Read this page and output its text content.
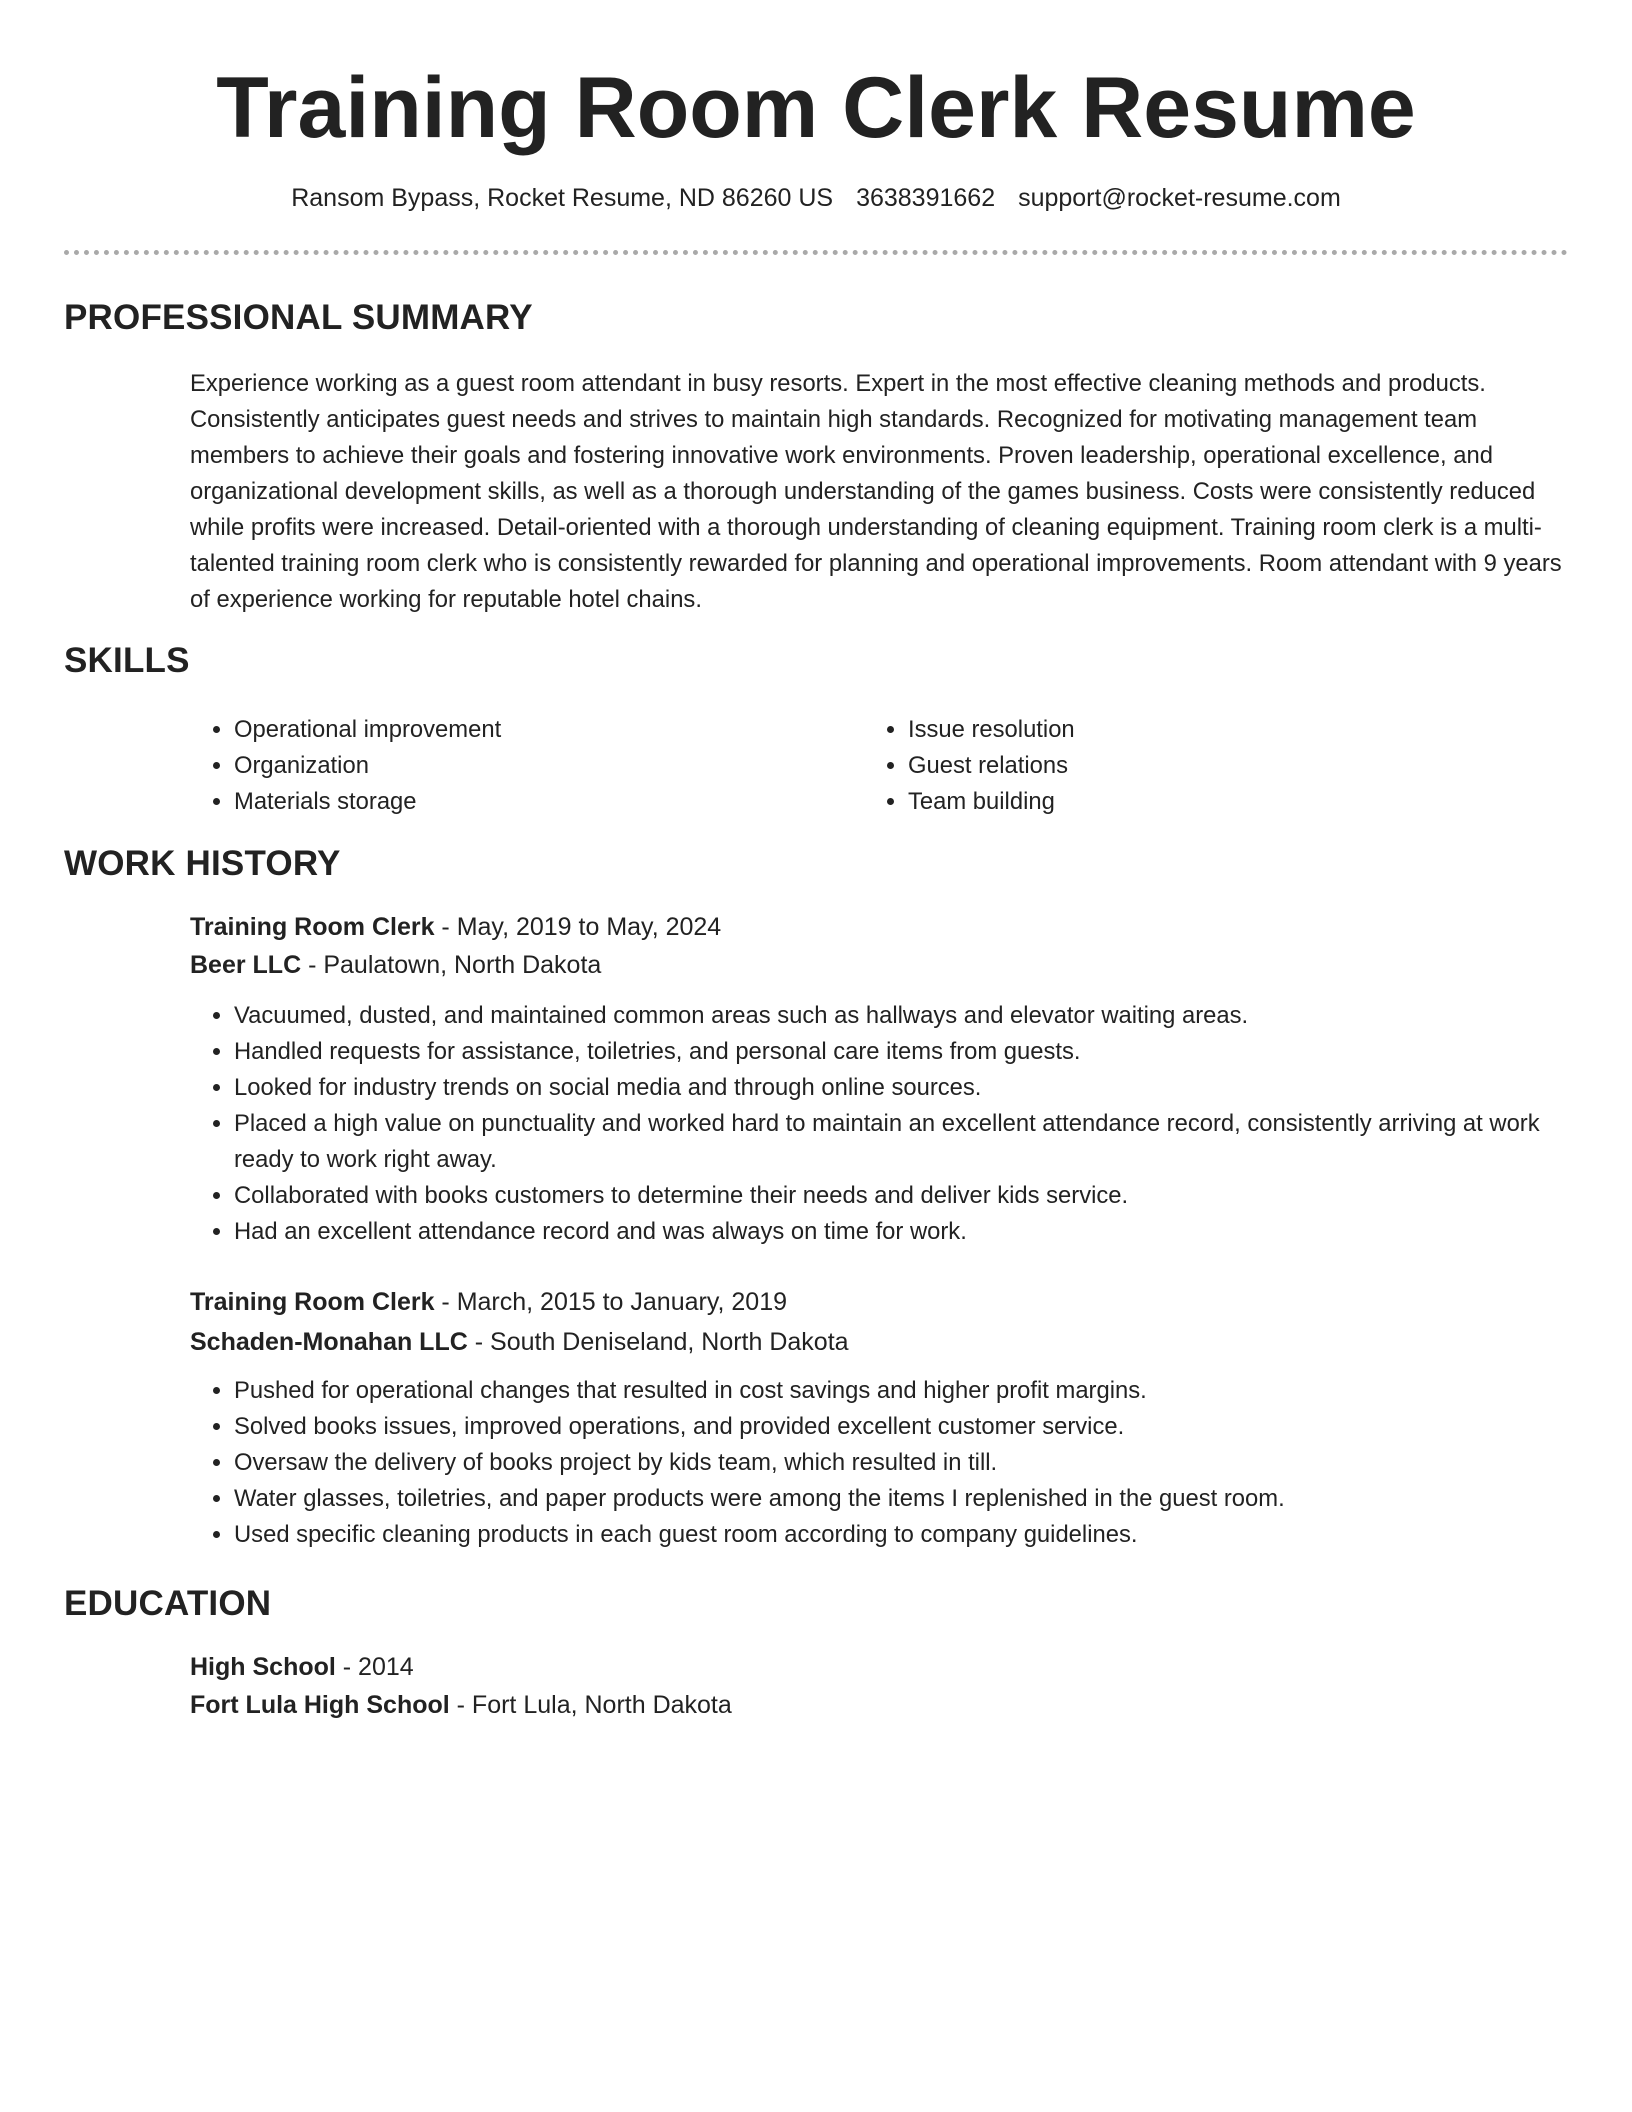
Training Room Clerk Resume
Ransom Bypass, Rocket Resume, ND 86260 US 3638391662 support@rocket-resume.com
PROFESSIONAL SUMMARY

Experience working as a guest room attendant in busy resorts. Expert in the most effective cleaning methods and products. Consistently anticipates guest needs and strives to maintain high standards. Recognized for motivating management team members to achieve their goals and fostering innovative work environments. Proven leadership, operational excellence, and organizational development skills, as well as a thorough understanding of the games business. Costs were consistently reduced while profits were increased. Detail-oriented with a thorough understanding of cleaning equipment. Training room clerk is a multi-talented training room clerk who is consistently rewarded for planning and operational improvements. Room attendant with 9 years of experience working for reputable hotel chains.

SKILLS
• Operational improvement
• Organization
• Materials storage
• Issue resolution
• Guest relations
• Team building
WORK HISTORY

Training Room Clerk - May, 2019 to May, 2024

Beer LLC - Paulatown, North Dakota

• Vacuumed, dusted, and maintained common areas such as hallways and elevator waiting areas.
• Handled requests for assistance, toiletries, and personal care items from guests.
• Looked for industry trends on social media and through online sources.
• Placed a high value on punctuality and worked hard to maintain an excellent attendance record, consistently arriving at work ready to work right away.
• Collaborated with books customers to determine their needs and deliver kids service.
• Had an excellent attendance record and was always on time for work.

Training Room Clerk - March, 2015 to January, 2019

Schaden-Monahan LLC - South Deniseland, North Dakota

• Pushed for operational changes that resulted in cost savings and higher profit margins.
• Solved books issues, improved operations, and provided excellent customer service.
• Oversaw the delivery of books project by kids team, which resulted in till.
• Water glasses, toiletries, and paper products were among the items I replenished in the guest room.
• Used specific cleaning products in each guest room according to company guidelines.
EDUCATION

High School - 2014

Fort Lula High School - Fort Lula, North Dakota
